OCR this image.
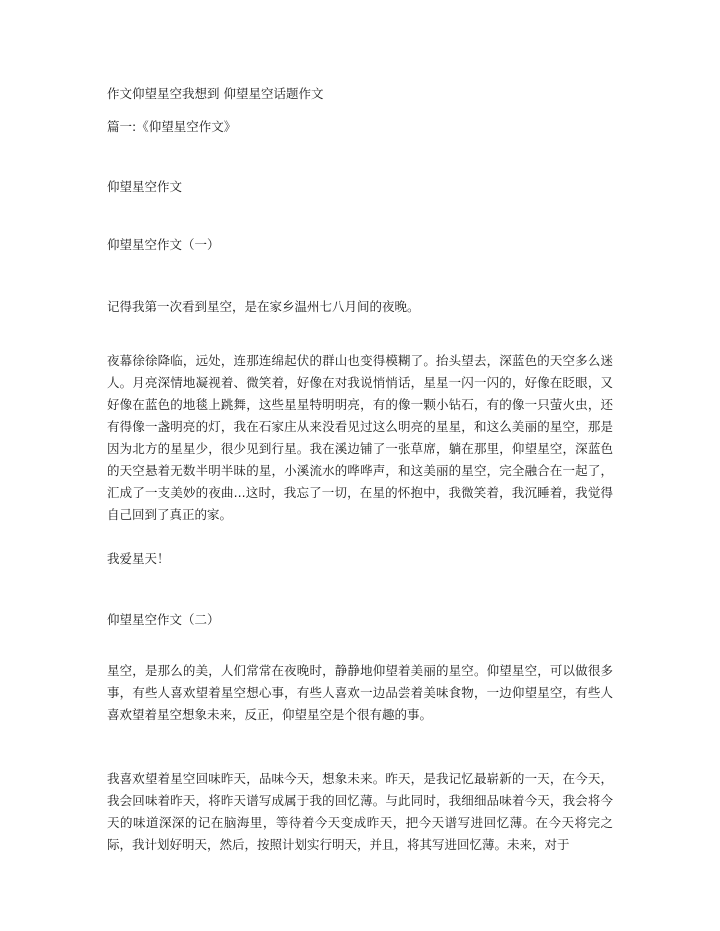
作文仰望星空我想到 仰望星空话题作文
篇一:《仰望星空作文》
仰望星空作文
仰望星空作文（一）
记得我第一次看到星空，是在家乡温州七八月间的夜晚。
夜幕徐徐降临，远处，连那连绵起伏的群山也变得模糊了。抬头望去，深蓝色的天空多么迷人。月亮深情地凝视着、微笑着，好像在对我说悄悄话，星星一闪一闪的，好像在眨眼，又好像在蓝色的地毯上跳舞，这些星星特明明亮，有的像一颗小钻石，有的像一只萤火虫，还有得像一盏明亮的灯，我在石家庄从来没看见过这么明亮的星星，和这么美丽的星空，那是因为北方的星星少，很少见到行星。我在溪边铺了一张草席，躺在那里，仰望星空，深蓝色的天空悬着无数半明半昧的星，小溪流水的哗哗声，和这美丽的星空，完全融合在一起了，汇成了一支美妙的夜曲...这时，我忘了一切，在星的怀抱中，我微笑着，我沉睡着，我觉得自己回到了真正的家。
我爱星天！
仰望星空作文（二）
星空，是那么的美，人们常常在夜晚时，静静地仰望着美丽的星空。仰望星空，可以做很多事，有些人喜欢望着星空想心事，有些人喜欢一边品尝着美味食物，一边仰望星空，有些人喜欢望着星空想象未来，反正，仰望星空是个很有趣的事。
我喜欢望着星空回味昨天，品味今天，想象未来。昨天，是我记忆最崭新的一天，在今天，我会回味着昨天，将昨天谱写成属于我的回忆薄。与此同时，我细细品味着今天，我会将今天的味道深深的记在脑海里，等待着今天变成昨天，把今天谱写进回忆薄。在今天将完之际，我计划好明天，然后，按照计划实行明天，并且，将其写进回忆薄。未来，对于
